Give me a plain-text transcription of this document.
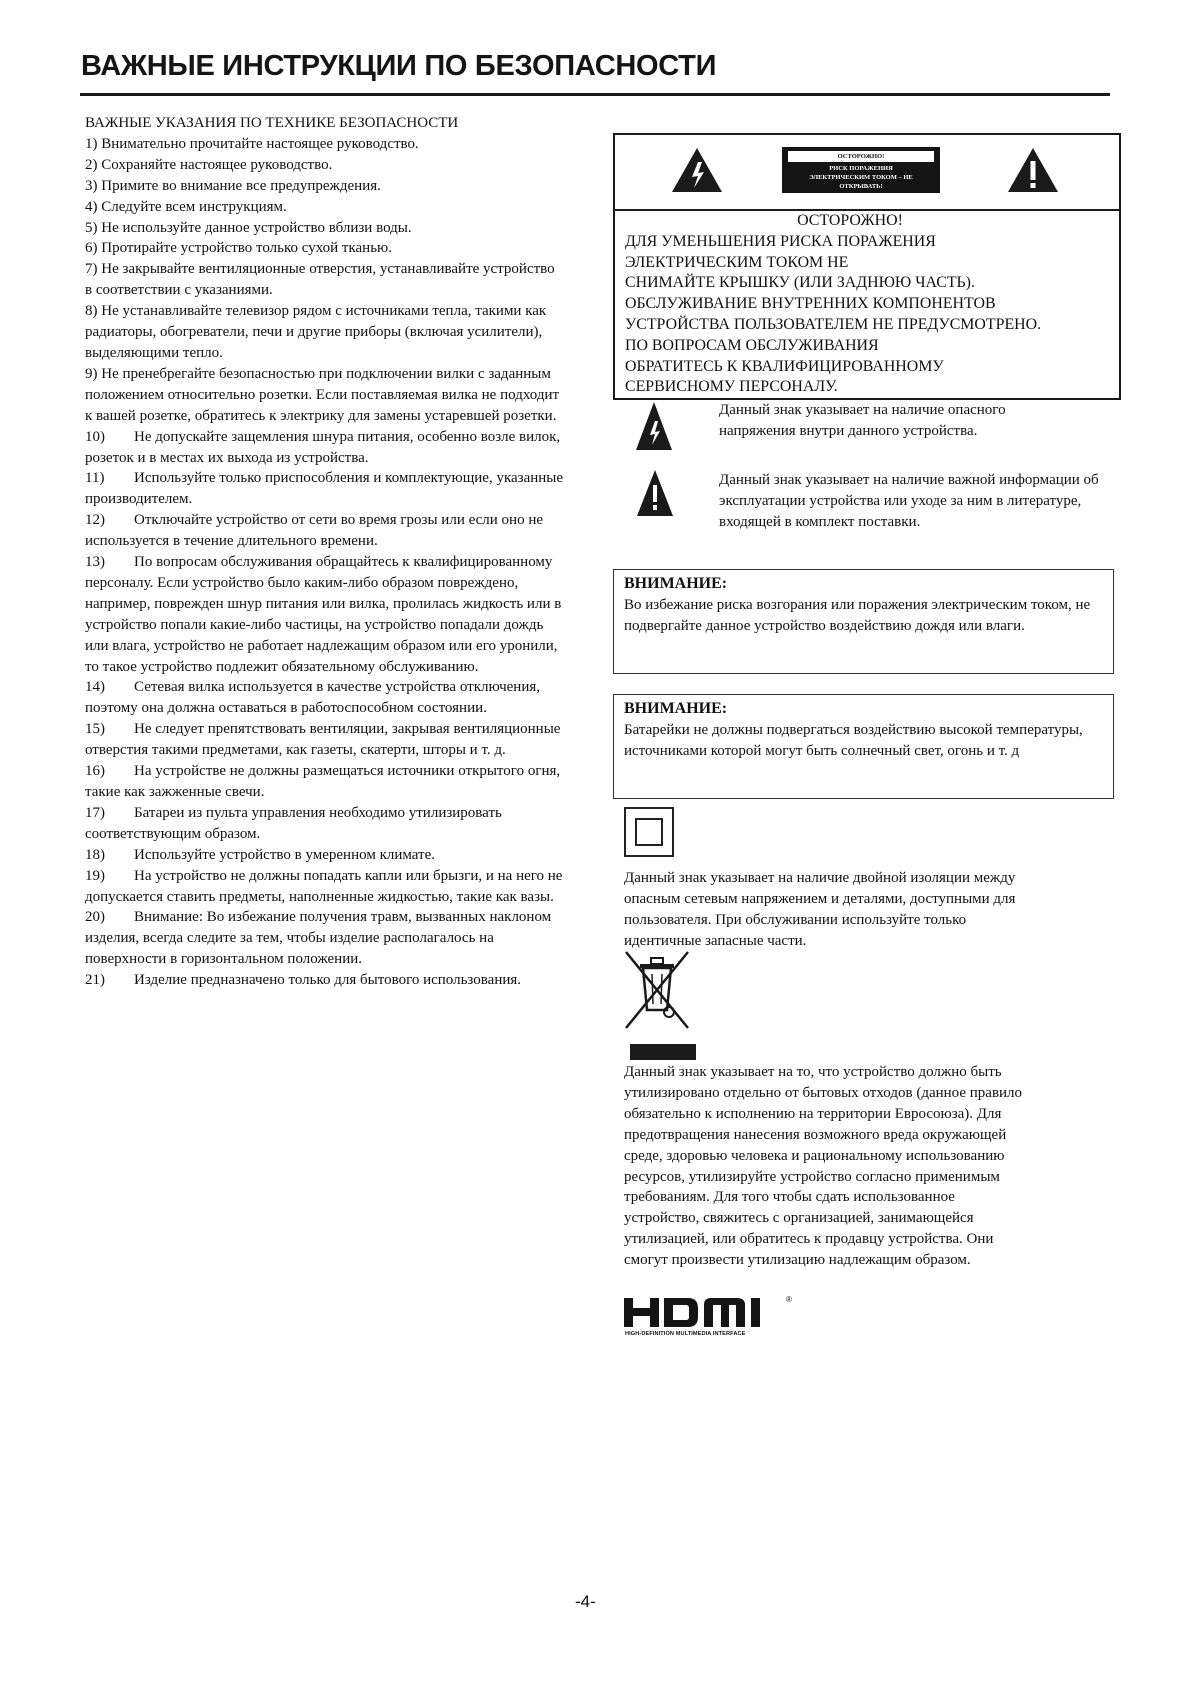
ВАЖНЫЕ ИНСТРУКЦИИ ПО БЕЗОПАСНОСТИ

ВАЖНЫЕ УКАЗАНИЯ ПО ТЕХНИКЕ БЕЗОПАСНОСТИ

1) Внимательно прочитайте настоящее руководство.

2) Сохраняйте настоящее руководство.

3) Примите во внимание все предупреждения.

4) Следуйте всем инструкциям.

5) Не используйте данное устройство вблизи воды.

6) Протирайте устройство только сухой тканью.

7) Не закрывайте вентиляционные отверстия, устанавливайте устройство в соответствии с указаниями.

8) Не устанавливайте телевизор рядом с источниками тепла, такими как радиаторы, обогреватели, печи и другие приборы (включая усилители), выделяющими тепло.

9) Не пренебрегайте безопасностью при подключении вилки с заданным положением относительно розетки. Если поставляемая вилка не подходит к вашей розетке, обратитесь к электрику для замены устаревшей розетки.

10) Не допускайте защемления шнура питания, особенно возле вилок, розеток и в местах их выхода из устройства.

11) Используйте только приспособления и комплектующие, указанные производителем.

12) Отключайте устройство от сети во время грозы или если оно не используется в течение длительного времени.

13) По вопросам обслуживания обращайтесь к квалифицированному персоналу. Если устройство было каким-либо образом повреждено, например, поврежден шнур питания или вилка, пролилась жидкость или в устройство попали какие-либо частицы, на устройство попадали дождь или влага, устройство не работает надлежащим образом или его уронили, то такое устройство подлежит обязательному обслуживанию.

14) Сетевая вилка используется в качестве устройства отключения, поэтому она должна оставаться в работоспособном состоянии.

15) Не следует препятствовать вентиляции, закрывая вентиляционные отверстия такими предметами, как газеты, скатерти, шторы и т. д.

16) На устройстве не должны размещаться источники открытого огня, такие как зажженные свечи.

17) Батареи из пульта управления необходимо утилизировать соответствующим образом.

18) Используйте устройство в умеренном климате.

19) На устройство не должны попадать капли или брызги, и на него не допускается ставить предметы, наполненные жидкостью, такие как вазы.

20) Внимание: Во избежание получения травм, вызванных наклоном изделия, всегда следите за тем, чтобы изделие располагалось на поверхности в горизонтальном положении.

21) Изделие предназначено только для бытового использования.

ОСТОРОЖНО!
РИСК ПОРАЖЕНИЯ
ЭЛЕКТРИЧЕСКИМ ТОКОМ – НЕ
ОТКРЫВАТЬ!
ОСТОРОЖНО!
ДЛЯ УМЕНЬШЕНИЯ РИСКА ПОРАЖЕНИЯ
ЭЛЕКТРИЧЕСКИМ ТОКОМ НЕ
СНИМАЙТЕ КРЫШКУ (ИЛИ ЗАДНЮЮ ЧАСТЬ).
ОБСЛУЖИВАНИЕ ВНУТРЕННИХ КОМПОНЕНТОВ
УСТРОЙСТВА ПОЛЬЗОВАТЕЛЕМ НЕ ПРЕДУСМОТРЕНО.
ПО ВОПРОСАМ ОБСЛУЖИВАНИЯ
ОБРАТИТЕСЬ К КВАЛИФИЦИРОВАННОМУ
СЕРВИСНОМУ ПЕРСОНАЛУ.
Данный знак указывает на наличие опасного напряжения внутри данного устройства.
Данный знак указывает на наличие важной информации об эксплуатации устройства или уходе за ним в литературе, входящей в комплект поставки.
ВНИМАНИЕ:
Во избежание риска возгорания или поражения электрическим током, не подвергайте данное устройство воздействию дождя или влаги.
ВНИМАНИЕ:
Батарейки не должны подвергаться воздействию высокой температуры, источниками которой могут быть солнечный свет, огонь и т. д

Данный знак указывает на наличие двойной изоляции между

опасным сетевым напряжением и деталями, доступными для

пользователя. При обслуживании используйте только

идентичные запасные части.

Данный знак указывает на то, что устройство должно быть

утилизировано отдельно от бытовых отходов (данное правило

обязательно к исполнению на территории Евросоюза). Для

предотвращения нанесения возможного вреда окружающей

среде, здоровью человека и рациональному использованию

ресурсов, утилизируйте устройство согласно применимым

требованиям. Для того чтобы сдать использованное

устройство, свяжитесь с организацией, занимающейся

утилизацией, или обратитесь к продавцу устройства. Они

смогут произвести утилизацию надлежащим образом.

®
HIGH-DEFINITION MULTIMEDIA INTERFACE
-4-
